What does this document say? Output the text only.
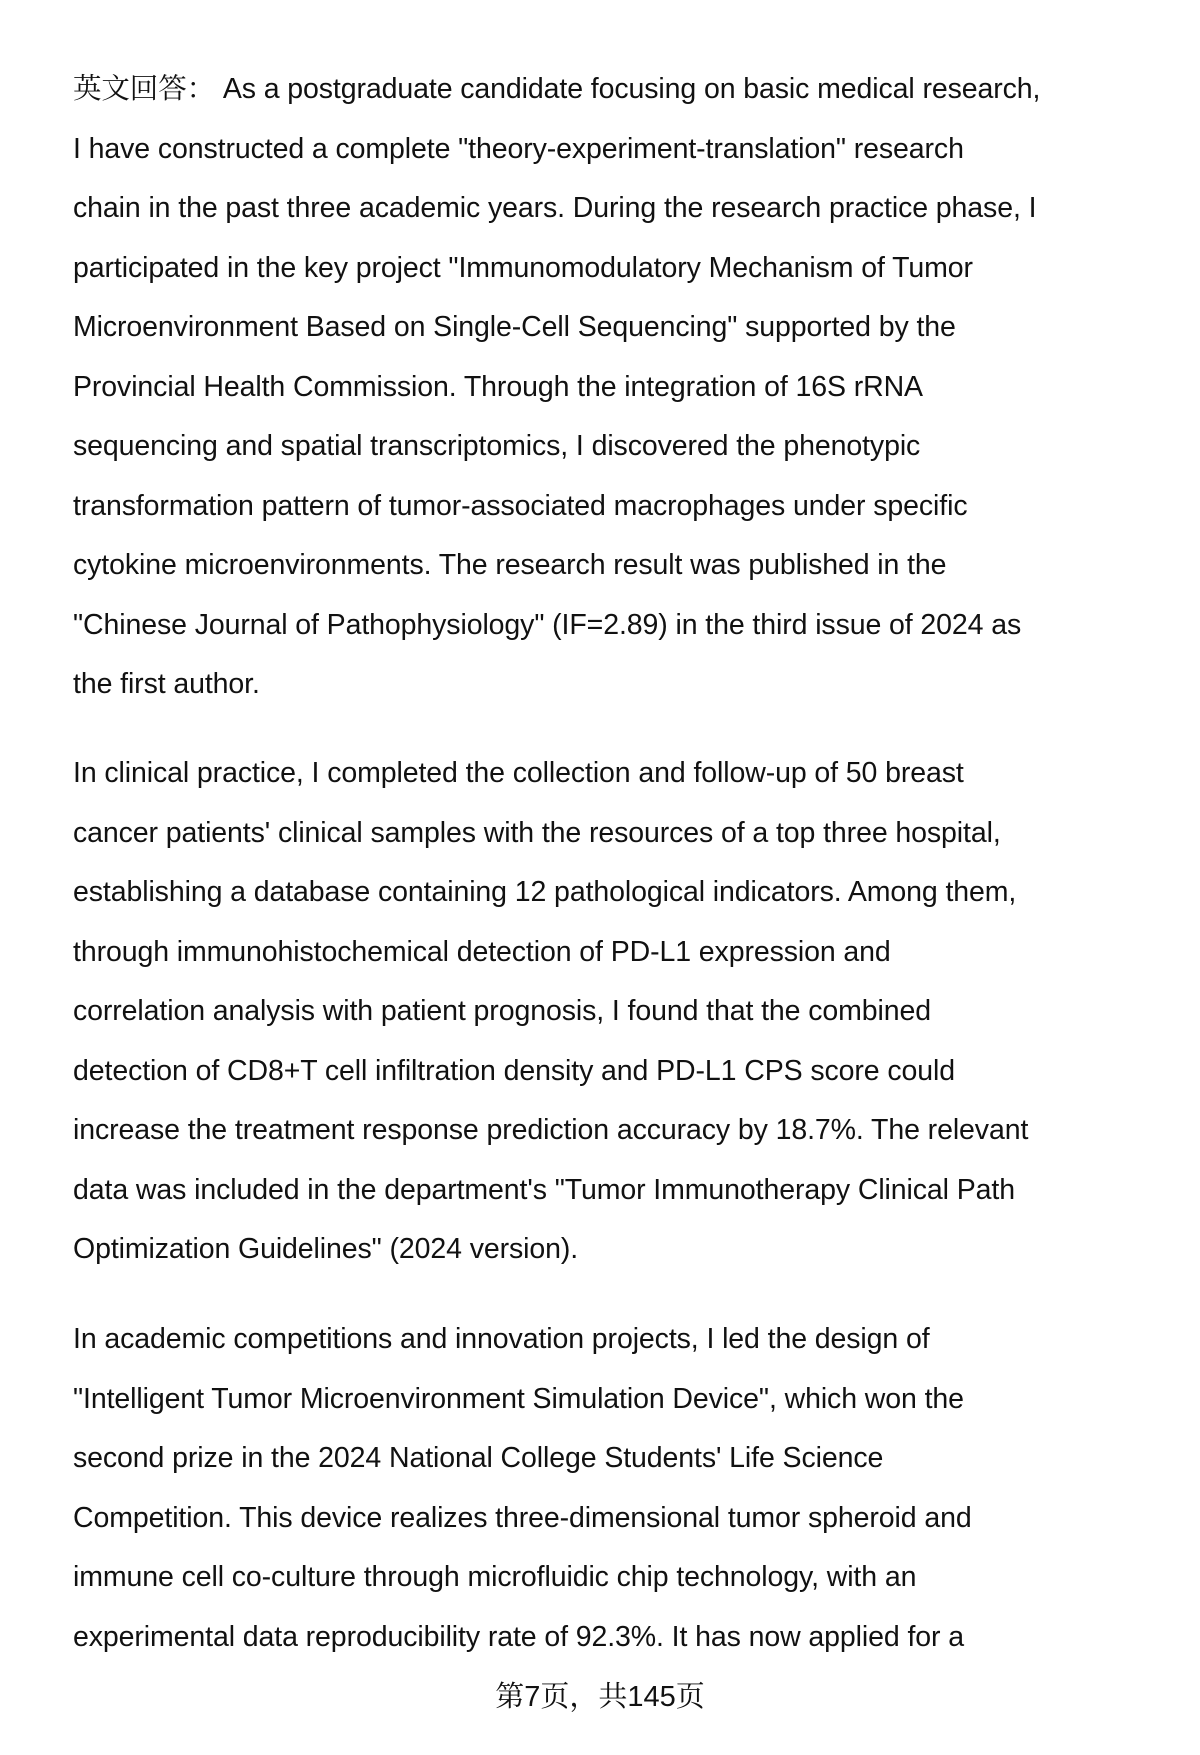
英文回答： As a postgraduate candidate focusing on basic medical research,
I have constructed a complete "theory-experiment-translation" research
chain in the past three academic years. During the research practice phase, I
participated in the key project "Immunomodulatory Mechanism of Tumor
Microenvironment Based on Single-Cell Sequencing" supported by the
Provincial Health Commission. Through the integration of 16S rRNA
sequencing and spatial transcriptomics, I discovered the phenotypic
transformation pattern of tumor-associated macrophages under specific
cytokine microenvironments. The research result was published in the
"Chinese Journal of Pathophysiology" (IF=2.89) in the third issue of 2024 as
the first author.
In clinical practice, I completed the collection and follow-up of 50 breast
cancer patients' clinical samples with the resources of a top three hospital,
establishing a database containing 12 pathological indicators. Among them,
through immunohistochemical detection of PD-L1 expression and
correlation analysis with patient prognosis, I found that the combined
detection of CD8+T cell infiltration density and PD-L1 CPS score could
increase the treatment response prediction accuracy by 18.7%. The relevant
data was included in the department's "Tumor Immunotherapy Clinical Path
Optimization Guidelines" (2024 version).
In academic competitions and innovation projects, I led the design of
"Intelligent Tumor Microenvironment Simulation Device", which won the
second prize in the 2024 National College Students' Life Science
Competition. This device realizes three-dimensional tumor spheroid and
immune cell co-culture through microfluidic chip technology, with an
experimental data reproducibility rate of 92.3%. It has now applied for a
第7页，共145页
